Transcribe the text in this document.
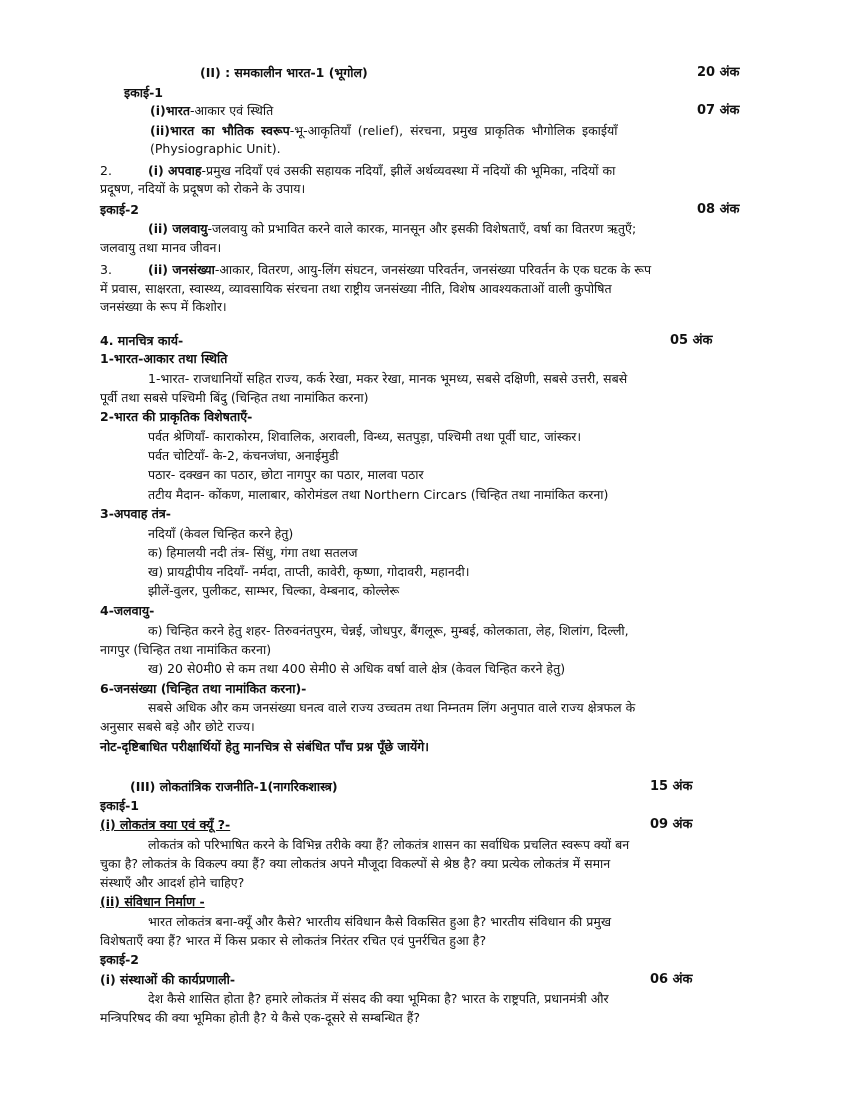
(II) : समकालीन भारत-1 (भूगोल)	20 अंक
इकाई-1
(i)भारत-आकार एवं स्थिति	07 अंक
(ii)भारत का भौतिक स्वरूप-भू-आकृतियाँ (relief), संरचना, प्रमुख प्राकृतिक भौगोलिक इकाईयाँ
(Physiographic Unit).
2.	(i) अपवाह-प्रमुख नदियाँ एवं उसकी सहायक नदियाँ, झीलें अर्थव्यवस्था में नदियों की भूमिका, नदियों का
प्रदूषण, नदियों के प्रदूषण को रोकने के उपाय।
इकाई-2	08 अंक
(ii) जलवायु-जलवायु को प्रभावित करने वाले कारक, मानसून और इसकी विशेषताएँ, वर्षा का वितरण ऋतुएँ;
जलवायु तथा मानव जीवन।
3.	(ii) जनसंख्या-आकार, वितरण, आयु-लिंग संघटन, जनसंख्या परिवर्तन, जनसंख्या परिवर्तन के एक घटक के रूप
में प्रवास, साक्षरता, स्वास्थ्य, व्यावसायिक संरचना तथा राष्ट्रीय जनसंख्या नीति, विशेष आवश्यकताओं वाली कुपोषित
जनसंख्या के रूप में किशोर।
4. मानचित्र कार्य-	05 अंक
1-भारत-आकार तथा स्थिति
1-भारत- राजधानियों सहित राज्य, कर्क रेखा, मकर रेखा, मानक भूमध्य, सबसे दक्षिणी, सबसे उत्तरी, सबसे
पूर्वी तथा सबसे पश्चिमी बिंदु (चिन्हित तथा नामांकित करना)
2-भारत की प्राकृतिक विशेषताएँ-
पर्वत श्रेणियाँ- काराकोरम, शिवालिक, अरावली, विन्ध्य, सतपुड़ा, पश्चिमी तथा पूर्वी घाट, जांस्कर।
पर्वत चोटियाँ- के-2, कंचनजंघा, अनाईमुडी
पठार- दक्खन का पठार, छोटा नागपुर का पठार, मालवा पठार
तटीय मैदान- कोंकण, मालाबार, कोरोमंडल तथा Northern Circars (चिन्हित तथा नामांकित करना)
3-अपवाह तंत्र-
नदियाँ (केवल चिन्हित करने हेतु)
क) हिमालयी नदी तंत्र- सिंधु, गंगा तथा सतलज
ख) प्रायद्वीपीय नदियाँ- नर्मदा, ताप्ती, कावेरी, कृष्णा, गोदावरी, महानदी।
झीलें-वुलर, पुलीकट, साम्भर, चिल्का, वेम्बनाद, कोल्लेरू
4-जलवायु-
क) चिन्हित करने हेतु शहर- तिरुवनंतपुरम, चेन्नई, जोधपुर, बैंगलूरू, मुम्बई, कोलकाता, लेह, शिलांग, दिल्ली,
नागपुर (चिन्हित तथा नामांकित करना)
ख) 20 से0मी0 से कम तथा 400 सेमी0 से अधिक वर्षा वाले क्षेत्र (केवल चिन्हित करने हेतु)
6-जनसंख्या (चिन्हित तथा नामांकित करना)-
सबसे अधिक और कम जनसंख्या घनत्व वाले राज्य उच्चतम तथा निम्नतम लिंग अनुपात वाले राज्य क्षेत्रफल के
अनुसार सबसे बड़े और छोटे राज्य।
नोट-दृष्टिबाधित परीक्षार्थियों हेतु मानचित्र से संबंधित पाँच प्रश्न पूँछे जायेंगे।
(III) लोकतांत्रिक राजनीति-1(नागरिकशास्त्र)	15 अंक
इकाई-1
(i) लोकतंत्र क्या एवं क्यूँ ?-	09 अंक
लोकतंत्र को परिभाषित करने के विभिन्न तरीके क्या हैं? लोकतंत्र शासन का सर्वाधिक प्रचलित स्वरूप क्यों बन
चुका है? लोकतंत्र के विकल्प क्या हैं? क्या लोकतंत्र अपने मौजूदा विकल्पों से श्रेष्ठ है? क्या प्रत्येक लोकतंत्र में समान
संस्थाएँ और आदर्श होने चाहिए?
(ii) संविधान निर्माण -
भारत लोकतंत्र बना-क्यूँ और कैसे? भारतीय संविधान कैसे विकसित हुआ है? भारतीय संविधान की प्रमुख
विशेषताएँ क्या हैं? भारत में किस प्रकार से लोकतंत्र निरंतर रचित एवं पुनर्रचित हुआ है?
इकाई-2
(i) संस्थाओं की कार्यप्रणाली-	06 अंक
देश कैसे शासित होता है? हमारे लोकतंत्र में संसद की क्या भूमिका है? भारत के राष्ट्रपति, प्रधानमंत्री और
मन्त्रिपरिषद की क्या भूमिका होती है? ये कैसे एक-दूसरे से सम्बन्धित हैं?
